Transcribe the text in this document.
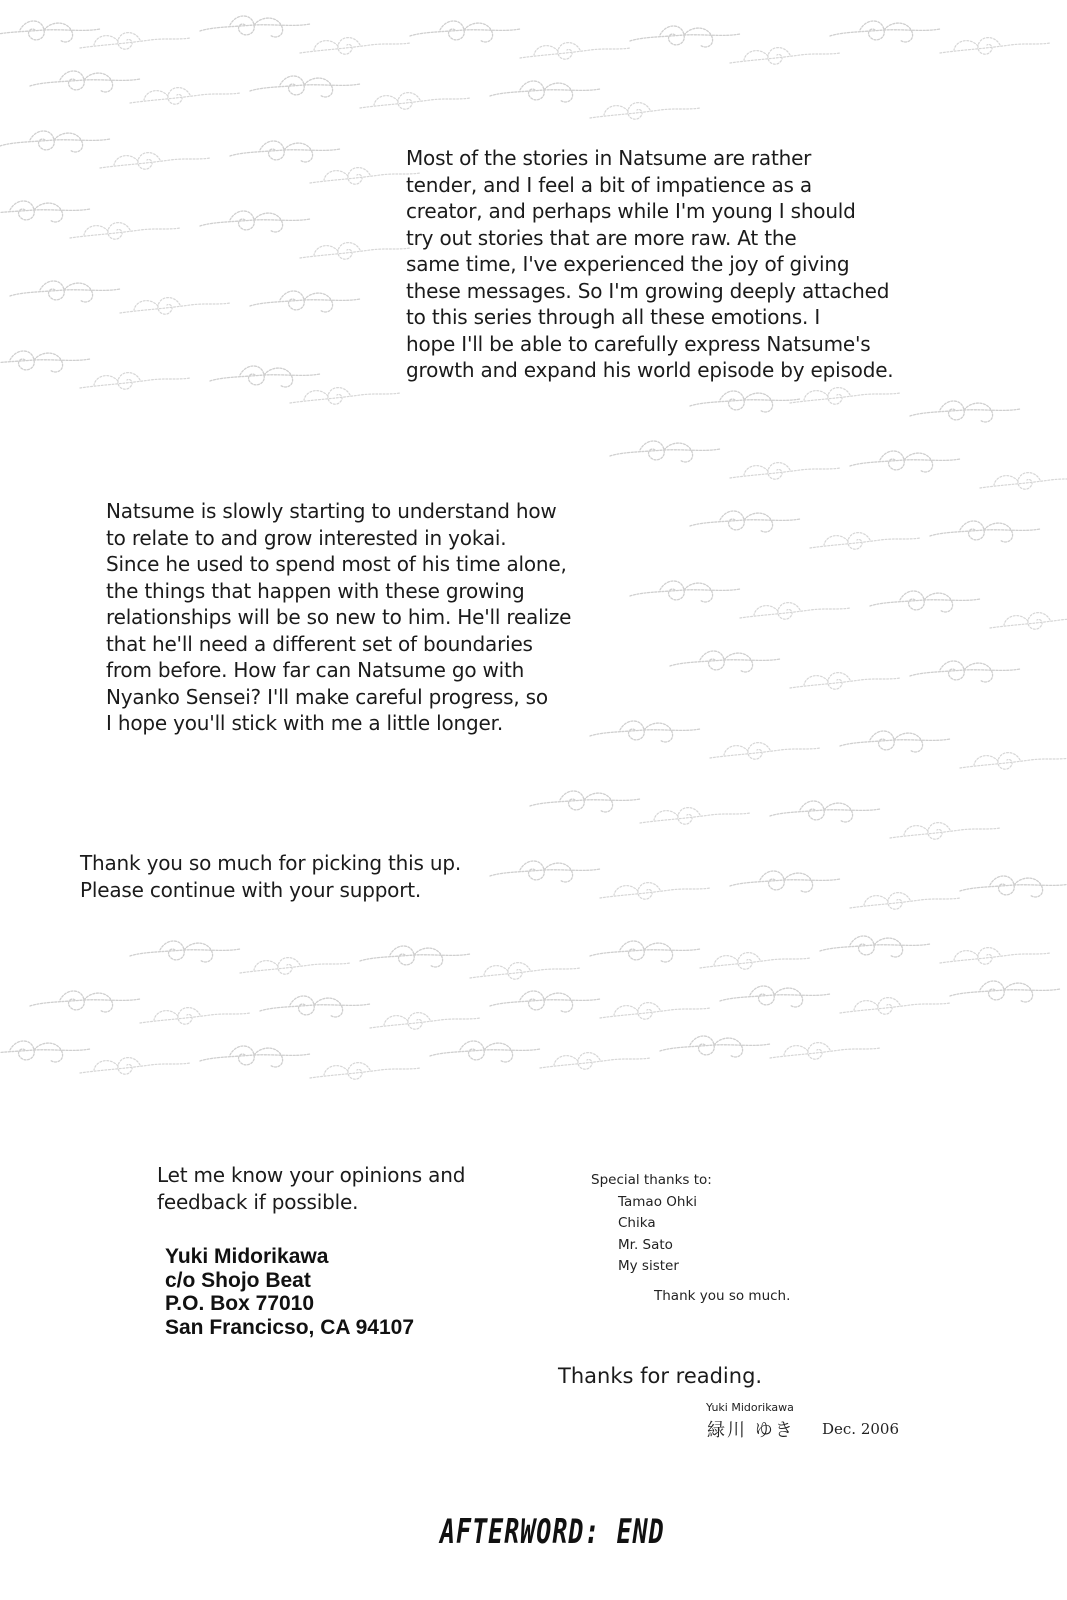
Most of the stories in Natsume are rather

tender, and I feel a bit of impatience as a

creator, and perhaps while I'm young I should

try out stories that are more raw. At the

same time, I've experienced the joy of giving

these messages. So I'm growing deeply attached

to this series through all these emotions. I

hope I'll be able to carefully express Natsume's

growth and expand his world episode by episode.

Natsume is slowly starting to understand how

to relate to and grow interested in yokai.

Since he used to spend most of his time alone,

the things that happen with these growing

relationships will be so new to him. He'll realize

that he'll need a different set of boundaries

from before. How far can Natsume go with

Nyanko Sensei? I'll make careful progress, so

I hope you'll stick with me a little longer.

Thank you so much for picking this up.

Please continue with your support.

Let me know your opinions and

feedback if possible.

Yuki Midorikawa

c/o Shojo Beat

P.O. Box 77010

San Francicso, CA 94107

Special thanks to:

Tamao Ohki
Chika
Mr. Sato
My sister

Thank you so much.

Thanks for reading.
Yuki Midorikawa
緑川 ゆき Dec. 2006
AFTERWORD: END
